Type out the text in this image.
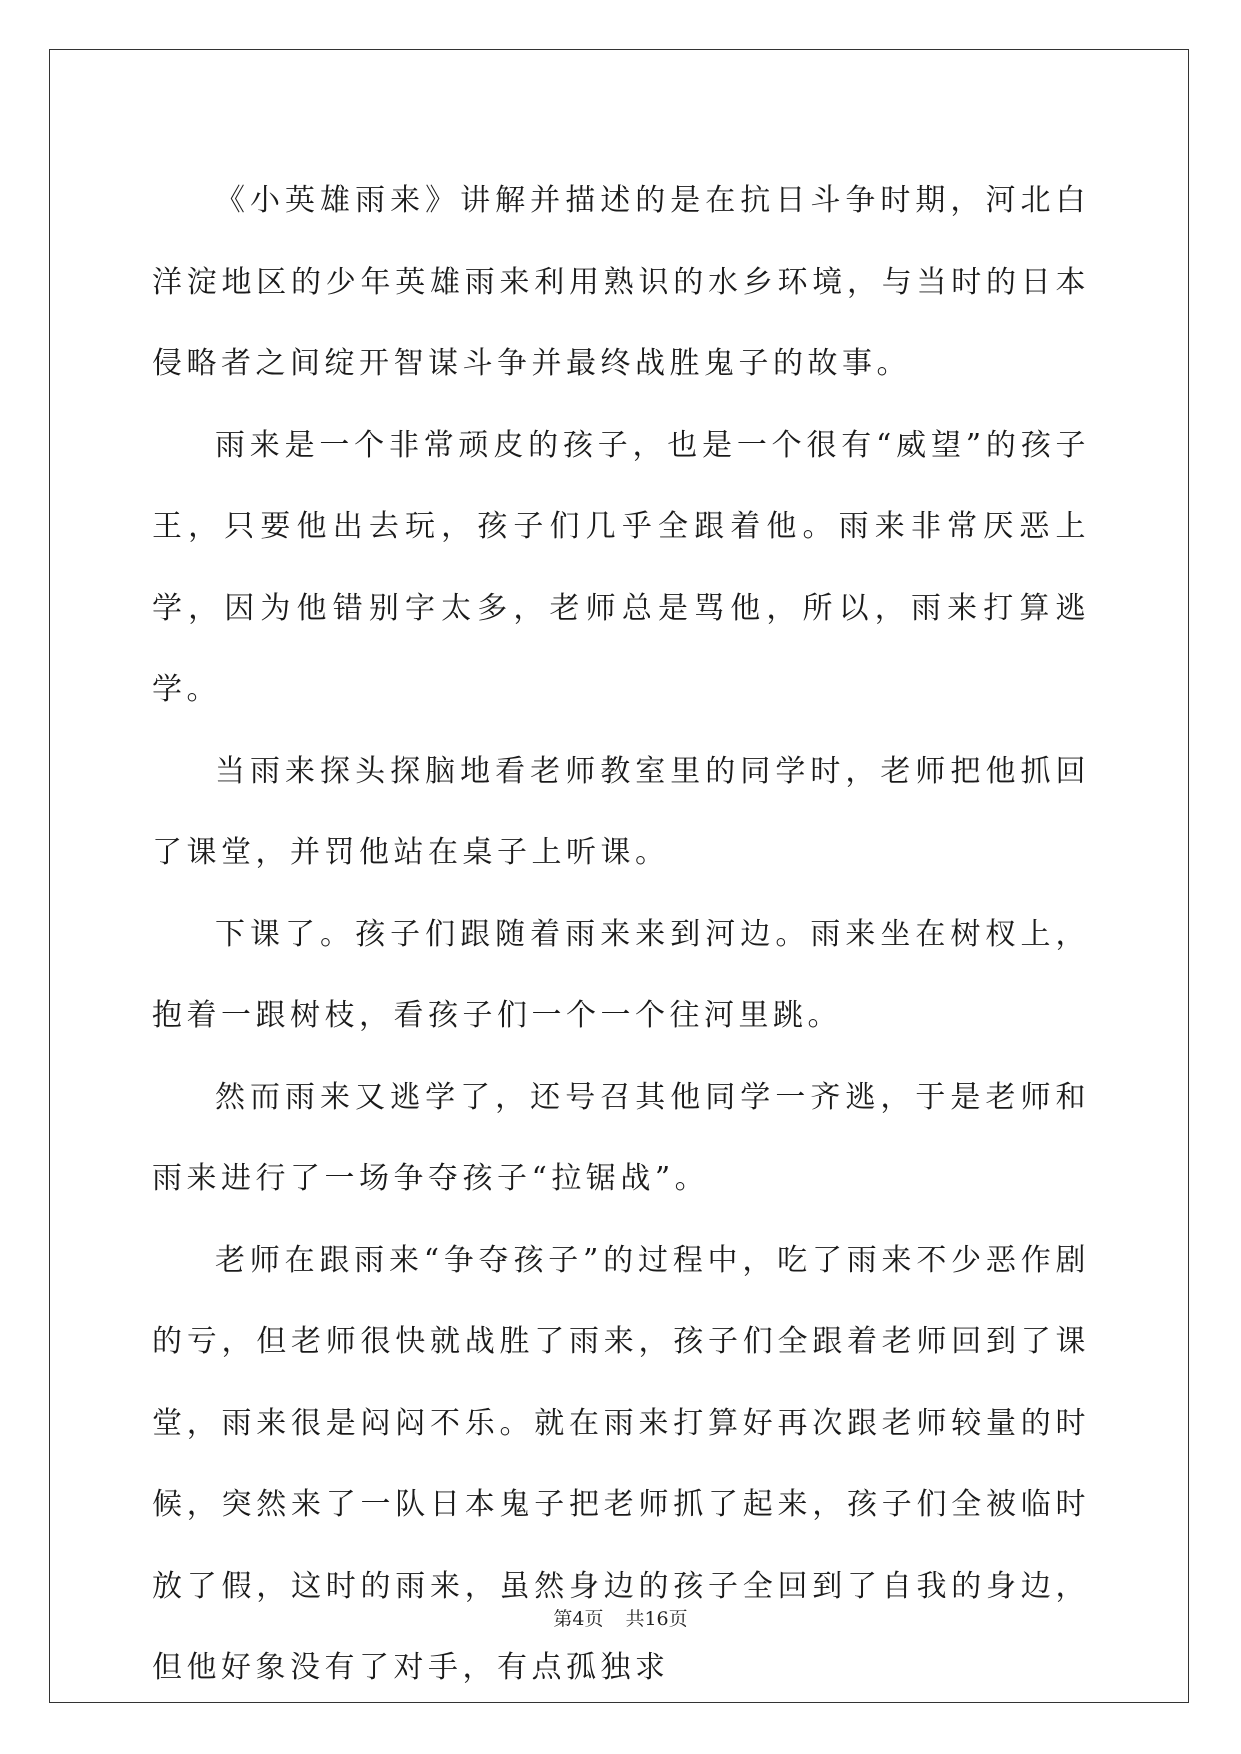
《小英雄雨来》讲解并描述的是在抗日斗争时期，河北白洋淀地区的少年英雄雨来利用熟识的水乡环境，与当时的日本侵略者之间绽开智谋斗争并最终战胜鬼子的故事。

雨来是一个非常顽皮的孩子，也是一个很有“威望”的孩子王，只要他出去玩，孩子们几乎全跟着他。雨来非常厌恶上学，因为他错别字太多，老师总是骂他，所以，雨来打算逃学。

当雨来探头探脑地看老师教室里的同学时，老师把他抓回了课堂，并罚他站在桌子上听课。

下课了。孩子们跟随着雨来来到河边。雨来坐在树杈上，抱着一跟树枝，看孩子们一个一个往河里跳。

然而雨来又逃学了，还号召其他同学一齐逃，于是老师和雨来进行了一场争夺孩子“拉锯战”。

老师在跟雨来“争夺孩子”的过程中，吃了雨来不少恶作剧的亏，但老师很快就战胜了雨来，孩子们全跟着老师回到了课堂，雨来很是闷闷不乐。就在雨来打算好再次跟老师较量的时候，突然来了一队日本鬼子把老师抓了起来，孩子们全被临时放了假，这时的雨来，虽然身边的孩子全回到了自我的身边，但他好象没有了对手，有点孤独求

第4页 共16页
